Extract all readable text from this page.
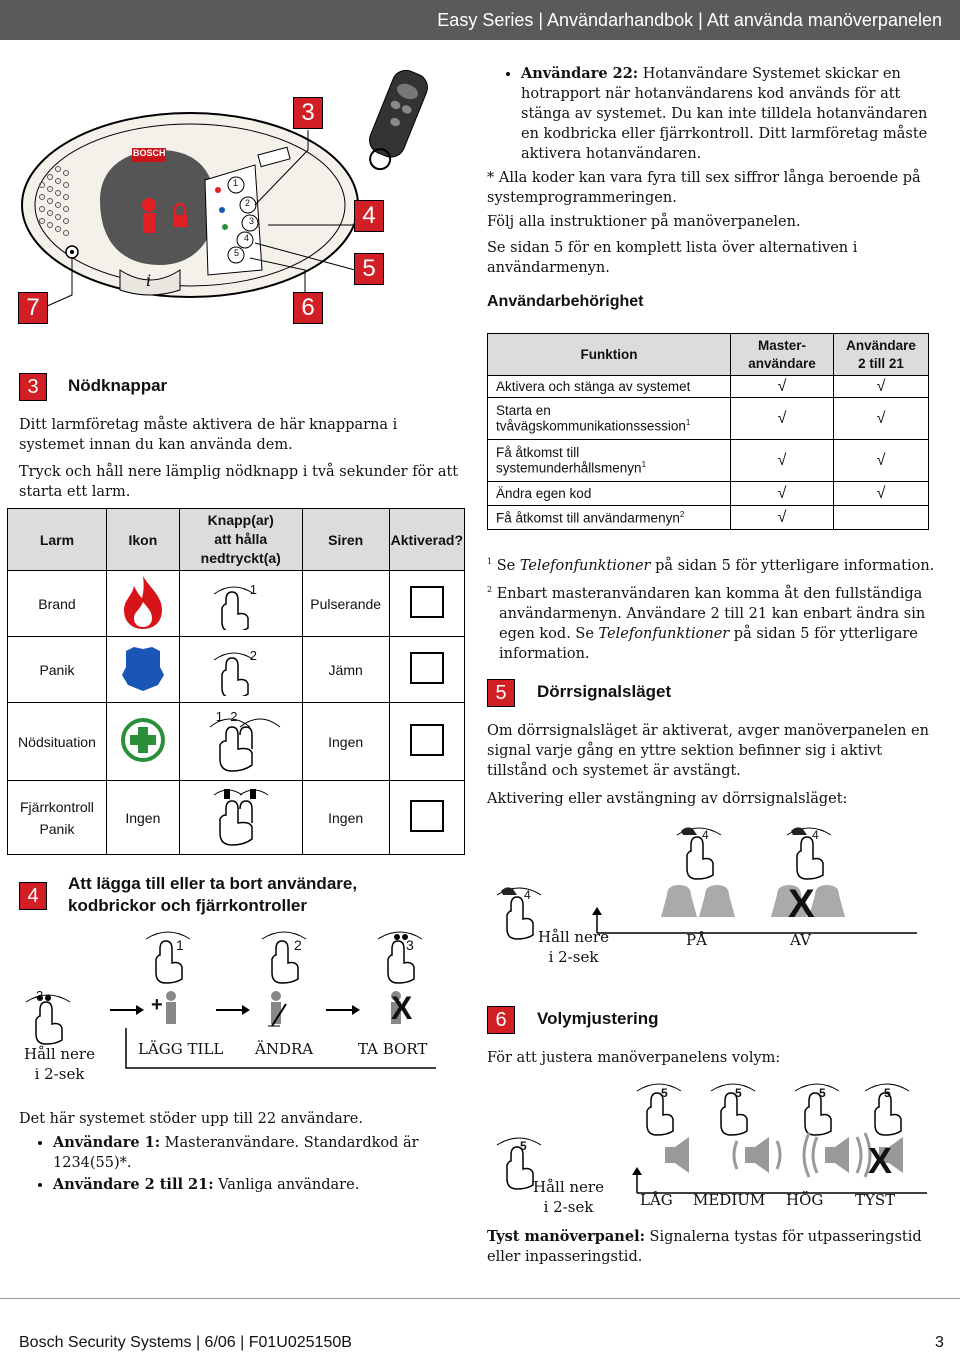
Easy Series | Användarhandbok | Att använda manöverpanelen
i
BOSCH
1
2
3
4
5
3
4
5
6
7
• Användare 22: Hotanvändare Systemet skickar en hotrapport när hotanvändarens kod används för att stänga av systemet. Du kan inte tilldela hotanvändaren en kodbricka eller fjärrkontroll. Ditt larmföretag måste aktivera hotanvändaren.
* Alla koder kan vara fyra till sex siffror långa beroende på systemprogrammeringen.
Följ alla instruktioner på manöverpanelen.
Se sidan 5 för en komplett lista över alternativen i användarmenyn.
Användarbehörighet
Funktion	Master-
användare	Användare
2 till 21
Aktivera och stänga av systemet	√	√
Starta en tvåvägskommunikationssession$^1$	√	√
Få åtkomst till systemunderhållsmenyn$^1$	√	√
Ändra egen kod	√	√
Få åtkomst till användarmenyn$^2$	√	
$^1$ Se Telefonfunktioner på sidan 5 för ytterligare information.
$^2$ Enbart masteranvändaren kan komma åt den fullständiga användarmenyn. Användare 2 till 21 kan enbart ändra sin egen kod. Se Telefonfunktioner på sidan 5 för ytterligare information.
3	Nödknappar
Ditt larmföretag måste aktivera de här knapparna i systemet innan du kan använda dem.
Tryck och håll nere lämplig nödknapp i två sekunder för att starta ett larm.
Larm	Ikon	Knapp(ar)
att hålla
nedtryckt(a)	Siren	Aktiverad?
Brand		1	Pulserande	
Panik		2	Jämn	
Nödsituation		1  2	Ingen	
Fjärrkontroll
Panik	Ingen		Ingen	
4
Att lägga till eller ta bort användare, kodbrickor och fjärrkontroller
1	2	3
3	+	X
Håll nere
i 2-sek
LÄGG TILL ÄNDRA	TA BORT
Det här systemet stöder upp till 22 användare.
• Användare 1: Masteranvändare. Standardkod är 1234(55)*.
• Användare 2 till 21: Vanliga användare.
5	Dörrsignalsläget
Om dörrsignalsläget är aktiverat, avger manöverpanelen en signal varje gång en yttre sektion befinner sig i aktivt tillstånd och systemet är avstängt.
Aktivering eller avstängning av dörrsignalsläget:
4	4
4	X
Håll nere
i 2-sek
PÅ	AV
6	Volymjustering
För att justera manöverpanelens volym:
5	5	5	5
5	X
Håll nere
i 2-sek	LÅG MEDIUM HÖG TYST
Tyst manöverpanel: Signalerna tystas för utpasseringstid eller inpasseringstid.
Bosch Security Systems | 6/06 | F01U025150B	3
